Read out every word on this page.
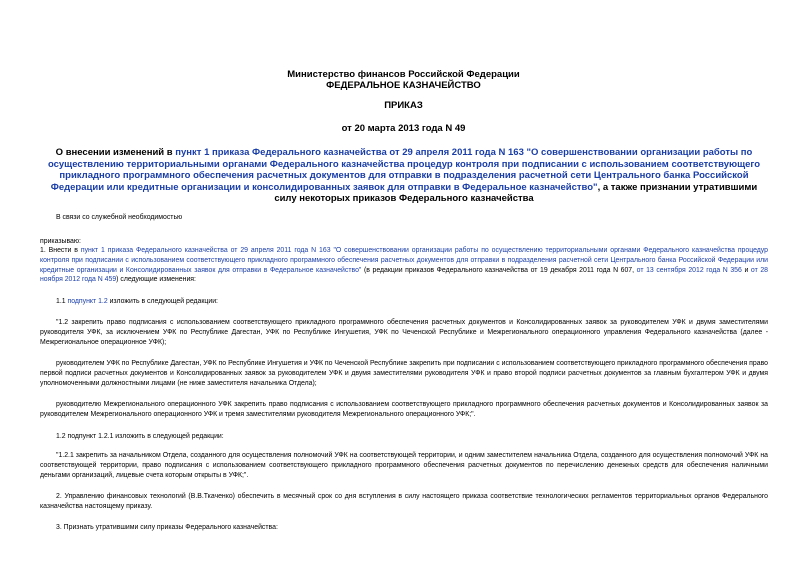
Министерство финансов Российской Федерации
ФЕДЕРАЛЬНОЕ КАЗНАЧЕЙСТВО
ПРИКАЗ
от 20 марта 2013 года N 49
О внесении изменений в пункт 1 приказа Федерального казначейства от 29 апреля 2011 года N 163 "О совершенствовании организации работы по осуществлению территориальными органами Федерального казначейства процедур контроля при подписании с использованием соответствующего прикладного программного обеспечения расчетных документов для отправки в подразделения расчетной сети Центрального банка Российской Федерации или кредитные организации и консолидированных заявок для отправки в Федеральное казначейство", а также признании утратившими силу некоторых приказов Федерального казначейства
В связи со служебной необходимостью
приказываю:
1. Внести в пункт 1 приказа Федерального казначейства от 29 апреля 2011 года N 163 "О совершенствовании организации работы по осуществлению территориальными органами Федерального казначейства процедур контроля при подписании с использованием соответствующего прикладного программного обеспечения расчетных документов для отправки в подразделения расчетной сети Центрального банка Российской Федерации или кредитные организации и Консолидированных заявок для отправки в Федеральное казначейство" (в редакции приказов Федерального казначейства от 19 декабря 2011 года N 607, от 13 сентября 2012 года N 356 и от 28 ноября 2012 года N 459) следующие изменения:
1.1 подпункт 1.2 изложить в следующей редакции:
"1.2 закрепить право подписания с использованием соответствующего прикладного программного обеспечения расчетных документов и Консолидированных заявок за руководителем УФК и двумя заместителями руководителя УФК, за исключением УФК по Республике Дагестан, УФК по Республике Ингушетия, УФК по Чеченской Республике и Межрегионального операционного управления Федерального казначейства (далее - Межрегиональное операционное УФК);
руководителем УФК по Республике Дагестан, УФК по Республике Ингушетия и УФК по Чеченской Республике закрепить при подписании с использованием соответствующего прикладного программного обеспечения право первой подписи расчетных документов и Консолидированных заявок за руководителем УФК и двумя заместителями руководителя УФК и право второй подписи расчетных документов за главным бухгалтером УФК и двумя уполномоченными должностными лицами (не ниже заместителя начальника Отдела);
руководителю Межрегионального операционного УФК закрепить право подписания с использованием соответствующего прикладного программного обеспечения расчетных документов и Консолидированных заявок за руководителем Межрегионального операционного УФК и тремя заместителями руководителя Межрегионального операционного УФК;".
1.2 подпункт 1.2.1 изложить в следующей редакции:
"1.2.1 закрепить за начальником Отдела, созданного для осуществления полномочий УФК на соответствующей территории, и одним заместителем начальника Отдела, созданного для осуществления полномочий УФК на соответствующей территории, право подписания с использованием соответствующего прикладного программного обеспечения расчетных документов по перечислению денежных средств для обеспечения наличными деньгами организаций, лицевые счета которым открыты в УФК;".
2. Управлению финансовых технологий (В.В.Ткаченко) обеспечить в месячный срок со дня вступления в силу настоящего приказа соответствие технологических регламентов территориальных органов Федерального казначейства настоящему приказу.
3. Признать утратившими силу приказы Федерального казначейства:
